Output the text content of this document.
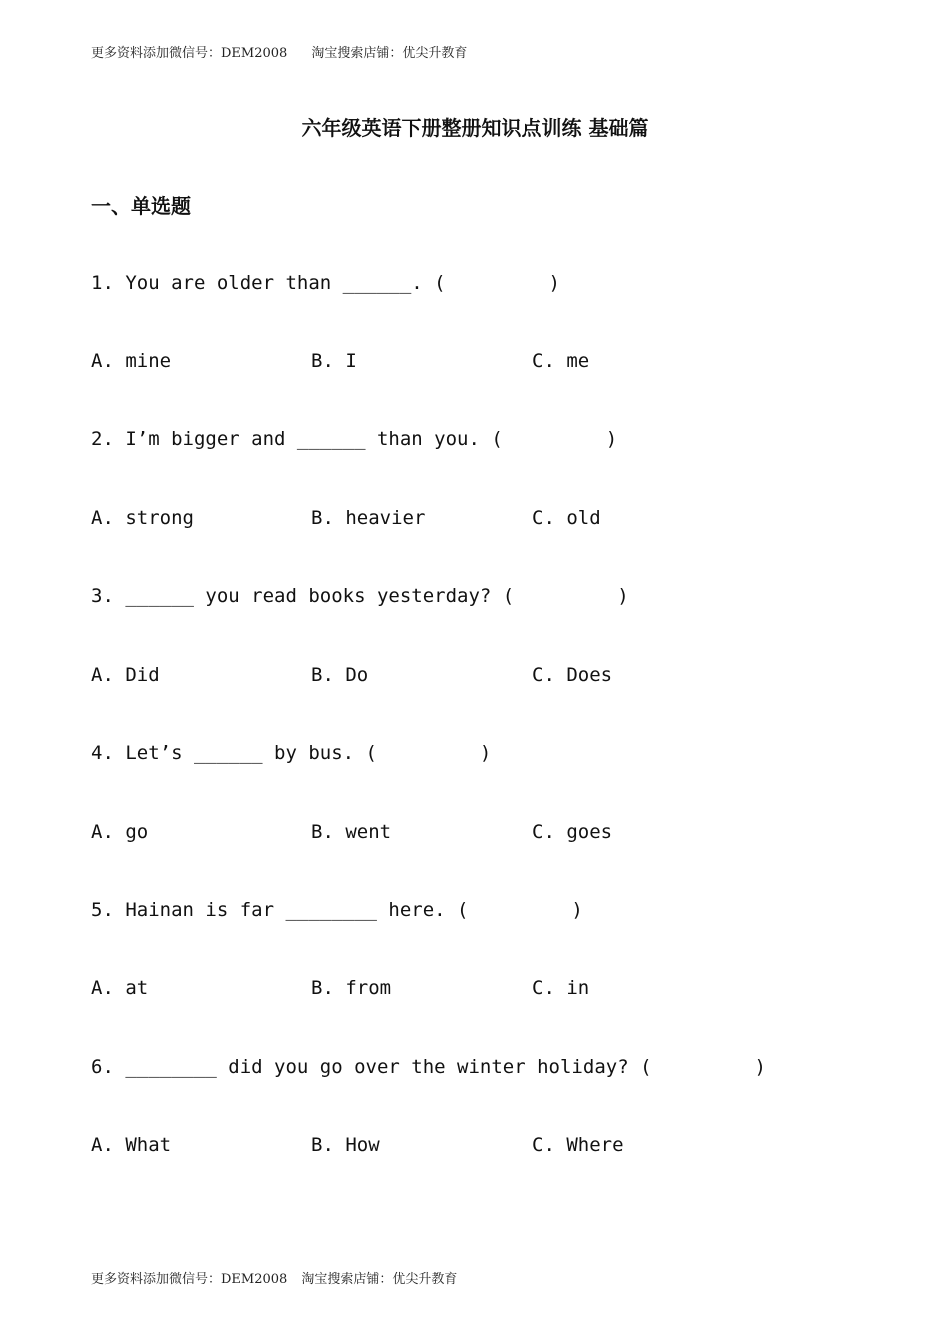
更多资料添加微信号：DEM2008 淘宝搜索店铺：优尖升教育
六年级英语下册整册知识点训练 基础篇
一、单选题
1. You are older than ______. (         )
A. mine	B. I	C. me
2. I’m bigger and ______ than you. (         )
A. strong	B. heavier	C. old
3. ______ you read books yesterday? (         )
A. Did	B. Do	C. Does
4. Let’s ______ by bus. (         )
A. go	B. went	C. goes
5. Hainan is far ________ here. (         )
A. at	B. from	C. in
6. ________ did you go over the winter holiday? (         )
A. What	B. How	C. Where
更多资料添加微信号：DEM2008 淘宝搜索店铺：优尖升教育
